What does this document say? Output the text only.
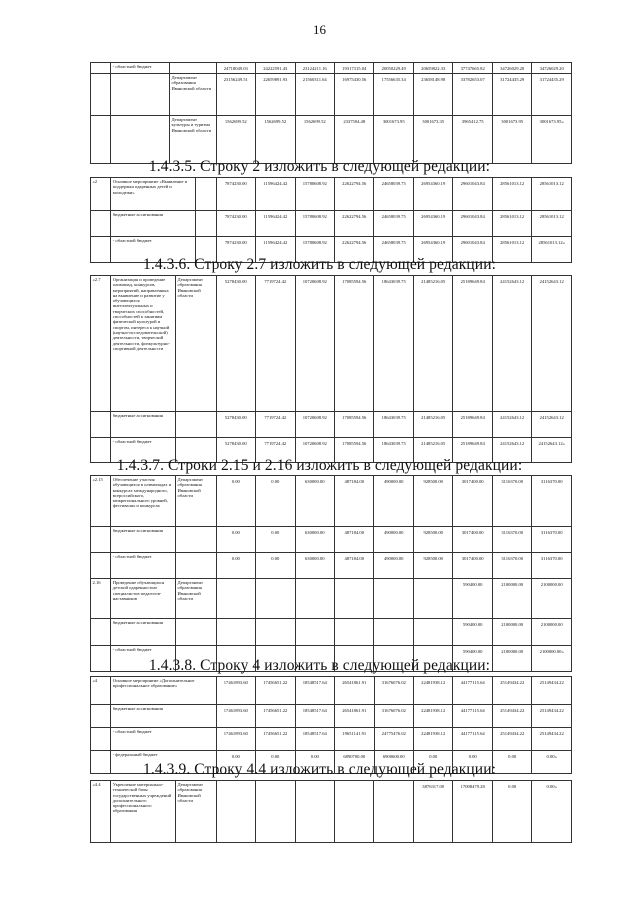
16
	- областной бюджет		24718049.03	24222591.43	23124211.16	19317315.04	20050229.49	20659822.33	37747665.82	34726029.20	34726029.20
		Департамент образования Ивановской области	23156249.51	22659891.93	21560311.64	16975430.56	17556635.34	23658148.98	33782653.07	31724435.29	31724435.29
		Департамент культуры и туризма Ивановской области	1562699.52	1562699.52	1562699.52	2337504.48	3001673.95	3001673.35	3965412.75	3001673.95	3001673.95»
1.4.3.5. Строку 2 изложить в следующей редакции:
«2	Основное мероприятие «Выявление и поддержка одаренных детей и молодежи»		7874230.00	11596424.42	15780608.92	22622794.56	24658039.75	26954360.19	29601043.84	28561013.12	28561013.12
	бюджетные ассигнования		7874230.00	11596424.42	15780608.92	22622794.56	24658039.75	26954360.19	29601043.84	28561013.12	28561013.12
	- областной бюджет		7874230.00	11596424.42	15780608.92	22622794.56	24658039.75	26954360.19	29601043.84	28561013.12	28561013.12»
1.4.3.6. Строку 2.7 изложить в следующей редакции:
«2.7	Организация и проведение олимпиад, конкурсов, мероприятий, направленных на выявление и развитие у обучающихся интеллектуальных и творческих способностей, способностей к занятиям физической культурой и спортом, интереса к научной (научно-исследовательской) деятельности, творческой деятельности, физкультурно-спортивной деятельности	Департамент образования Ивановской области	5278430.00	7719724.42	10720608.92	17085594.56	18643039.75	21485216.05	25189649.84	24152643.12	24152643.12
	бюджетные ассигнования		5278430.00	7719724.42	10720608.92	17085594.56	18643039.75	21485216.05	25189649.84	24152643.12	24152643.12
	- областной бюджет		5278430.00	7719724.42	10720608.92	17085594.56	18643039.75	21485216.05	25189649.84	24152643.12	24152643.12»
1.4.3.7. Строки 2.15 и 2.16 изложить в следующей редакции:
«2.15	Обеспечение участия обучающихся в олимпиадах и конкурсах международного, всероссийского, межрегионального уровней, фестивалях и конкурсах	Департамент образования Ивановской области	0.00	0.00	630000.00	487184.00	490000.00	928500.00	3017400.00	3116370.00	3116370.00
	бюджетные ассигнования		0.00	0.00	630000.00	487184.00	490000.00	928500.00	3017400.00	3116370.00	3116370.00
	- областной бюджет		0.00	0.00	630000.00	487184.00	490000.00	928500.00	3017400.00	3116370.00	3116370.00
2.16	Проведение обучающихся детской одаренностью специалистов педагогов-наставников	Департамент образования Ивановской области							590400.00	2100000.00	2100000.00
	бюджетные ассигнования								590400.00	2100000.00	2100000.00
	- областной бюджет								590400.00	2100000.00	2100000.00»
1.4.3.8. Строку 4 изложить в следующей редакции:
«4	Основное мероприятие «Дополнительное профессиональное образование»	17461893.60	17456651.22	18548517.64	26541861.91	31676076.02	22481938.12	44177115.64	25149434.22	25149434.22
	бюджетные ассигнования	17461893.60	17456651.22	18548517.64	26541861.91	31676076.02	22481938.12	44177115.64	25149434.22	25149434.22
	- областной бюджет	17461893.60	17456651.22	18548517.64	19651141.91	24775476.02	22481938.12	44177115.64	25149434.22	25149434.22
	- федеральный бюджет	0.00	0.00	0.00	6890700.00	6900600.00	0.00	0.00	0.00	0.00»
1.4.3.9. Строку 4.4 изложить в следующей редакции:
«4.4	Укрепление материально-технической базы государственных учреждений дополнительного профессионального образования	Департамент образования Ивановской области						3876317.00	17008479.28	0.00	0.00»
